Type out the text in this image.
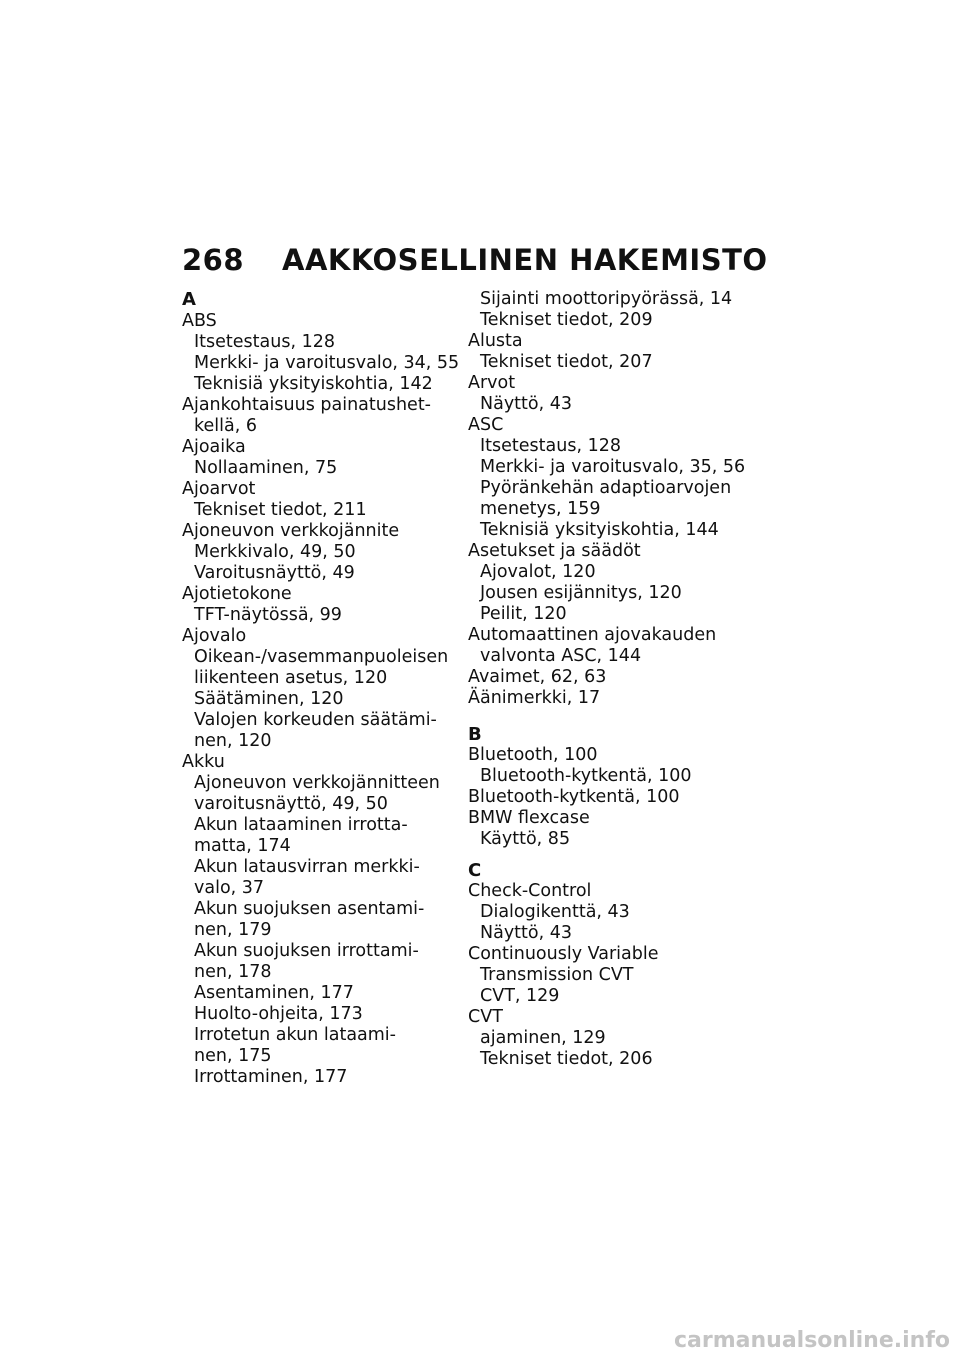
268 AAKKOSELLINEN HAKEMISTO
A
ABS
Itsetestaus, 128
Merkki- ja varoitusvalo, 34, 55
Teknisiä yksityiskohtia, 142
Ajankohtaisuus painatushet-
kellä, 6
Ajoaika
Nollaaminen, 75
Ajoarvot
Tekniset tiedot, 211
Ajoneuvon verkkojännite
Merkkivalo, 49, 50
Varoitusnäyttö, 49
Ajotietokone
TFT-näytössä, 99
Ajovalo
Oikean-/vasemmanpuoleisen
liikenteen asetus, 120
Säätäminen, 120
Valojen korkeuden säätämi-
nen, 120
Akku
Ajoneuvon verkkojännitteen
varoitusnäyttö, 49, 50
Akun lataaminen irrotta-
matta, 174
Akun latausvirran merkki-
valo, 37
Akun suojuksen asentami-
nen, 179
Akun suojuksen irrottami-
nen, 178
Asentaminen, 177
Huolto-ohjeita, 173
Irrotetun akun lataami-
nen, 175
Irrottaminen, 177
Sijainti moottoripyörässä, 14
Tekniset tiedot, 209
Alusta
Tekniset tiedot, 207
Arvot
Näyttö, 43
ASC
Itsetestaus, 128
Merkki- ja varoitusvalo, 35, 56
Pyöränkehän adaptioarvojen
menetys, 159
Teknisiä yksityiskohtia, 144
Asetukset ja säädöt
Ajovalot, 120
Jousen esijännitys, 120
Peilit, 120
Automaattinen ajovakauden
valvonta ASC, 144
Avaimet, 62, 63
Äänimerkki, 17
B
Bluetooth, 100
Bluetooth-kytkentä, 100
Bluetooth-kytkentä, 100
BMW flexcase
Käyttö, 85
C
Check-Control
Dialogikenttä, 43
Näyttö, 43
Continuously Variable
Transmission CVT
CVT, 129
CVT
ajaminen, 129
Tekniset tiedot, 206
carmanualsonline.info
